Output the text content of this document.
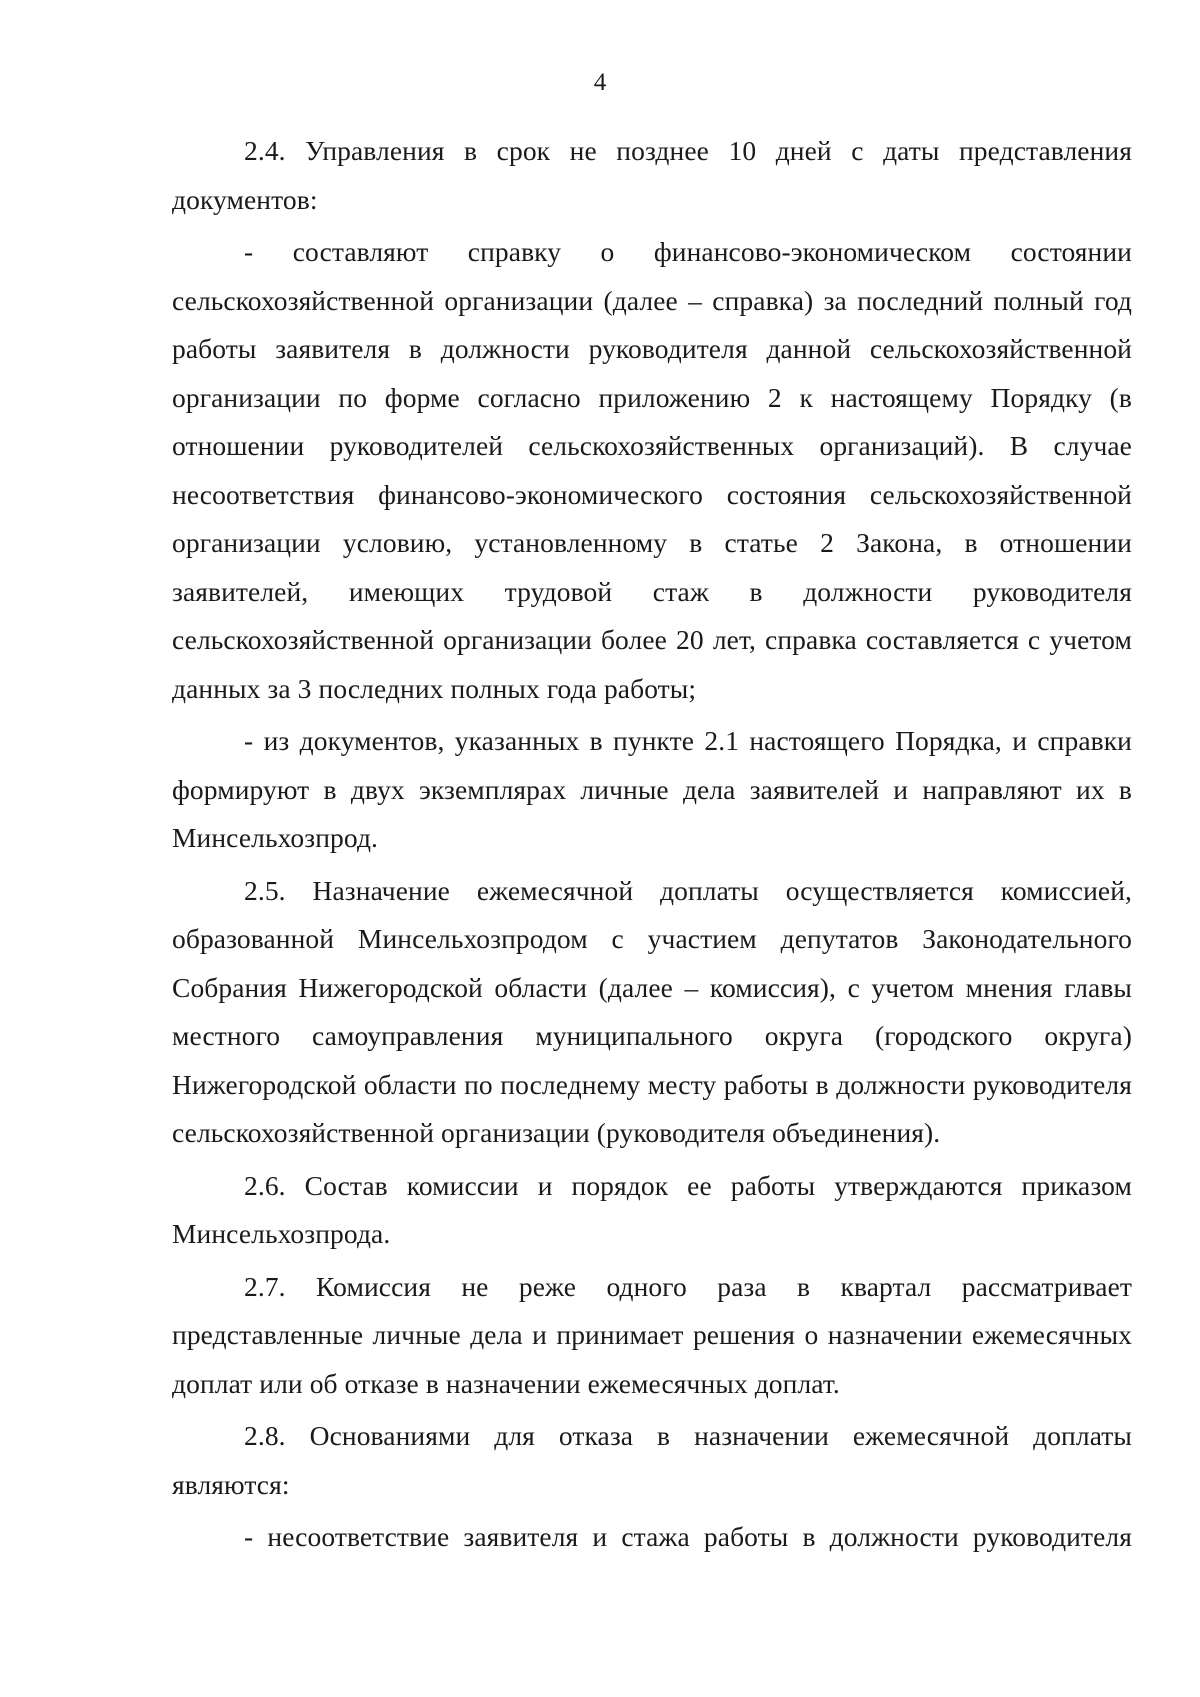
4

2.4. Управления в срок не позднее 10 дней с даты представления документов:

- составляют справку о финансово-экономическом состоянии сельскохозяйственной организации (далее – справка) за последний полный год работы заявителя в должности руководителя данной сельскохозяйственной организации по форме согласно приложению 2 к настоящему Порядку (в отношении руководителей сельскохозяйственных организаций). В случае несоответствия финансово-экономического состояния сельскохозяйственной организации условию, установленному в статье 2 Закона, в отношении заявителей, имеющих трудовой стаж в должности руководителя сельскохозяйственной организации более 20 лет, справка составляется с учетом данных за 3 последних полных года работы;

- из документов, указанных в пункте 2.1 настоящего Порядка, и справки формируют в двух экземплярах личные дела заявителей и направляют их в Минсельхозпрод.

2.5. Назначение ежемесячной доплаты осуществляется комиссией, образованной Минсельхозпродом с участием депутатов Законодательного Собрания Нижегородской области (далее – комиссия), с учетом мнения главы местного самоуправления муниципального округа (городского округа) Нижегородской области по последнему месту работы в должности руководителя сельскохозяйственной организации (руководителя объединения).

2.6. Состав комиссии и порядок ее работы утверждаются приказом Минсельхозпрода.

2.7. Комиссия не реже одного раза в квартал рассматривает представленные личные дела и принимает решения о назначении ежемесячных доплат или об отказе в назначении ежемесячных доплат.

2.8. Основаниями для отказа в назначении ежемесячной доплаты являются:

- несоответствие заявителя и стажа работы в должности руководителя
